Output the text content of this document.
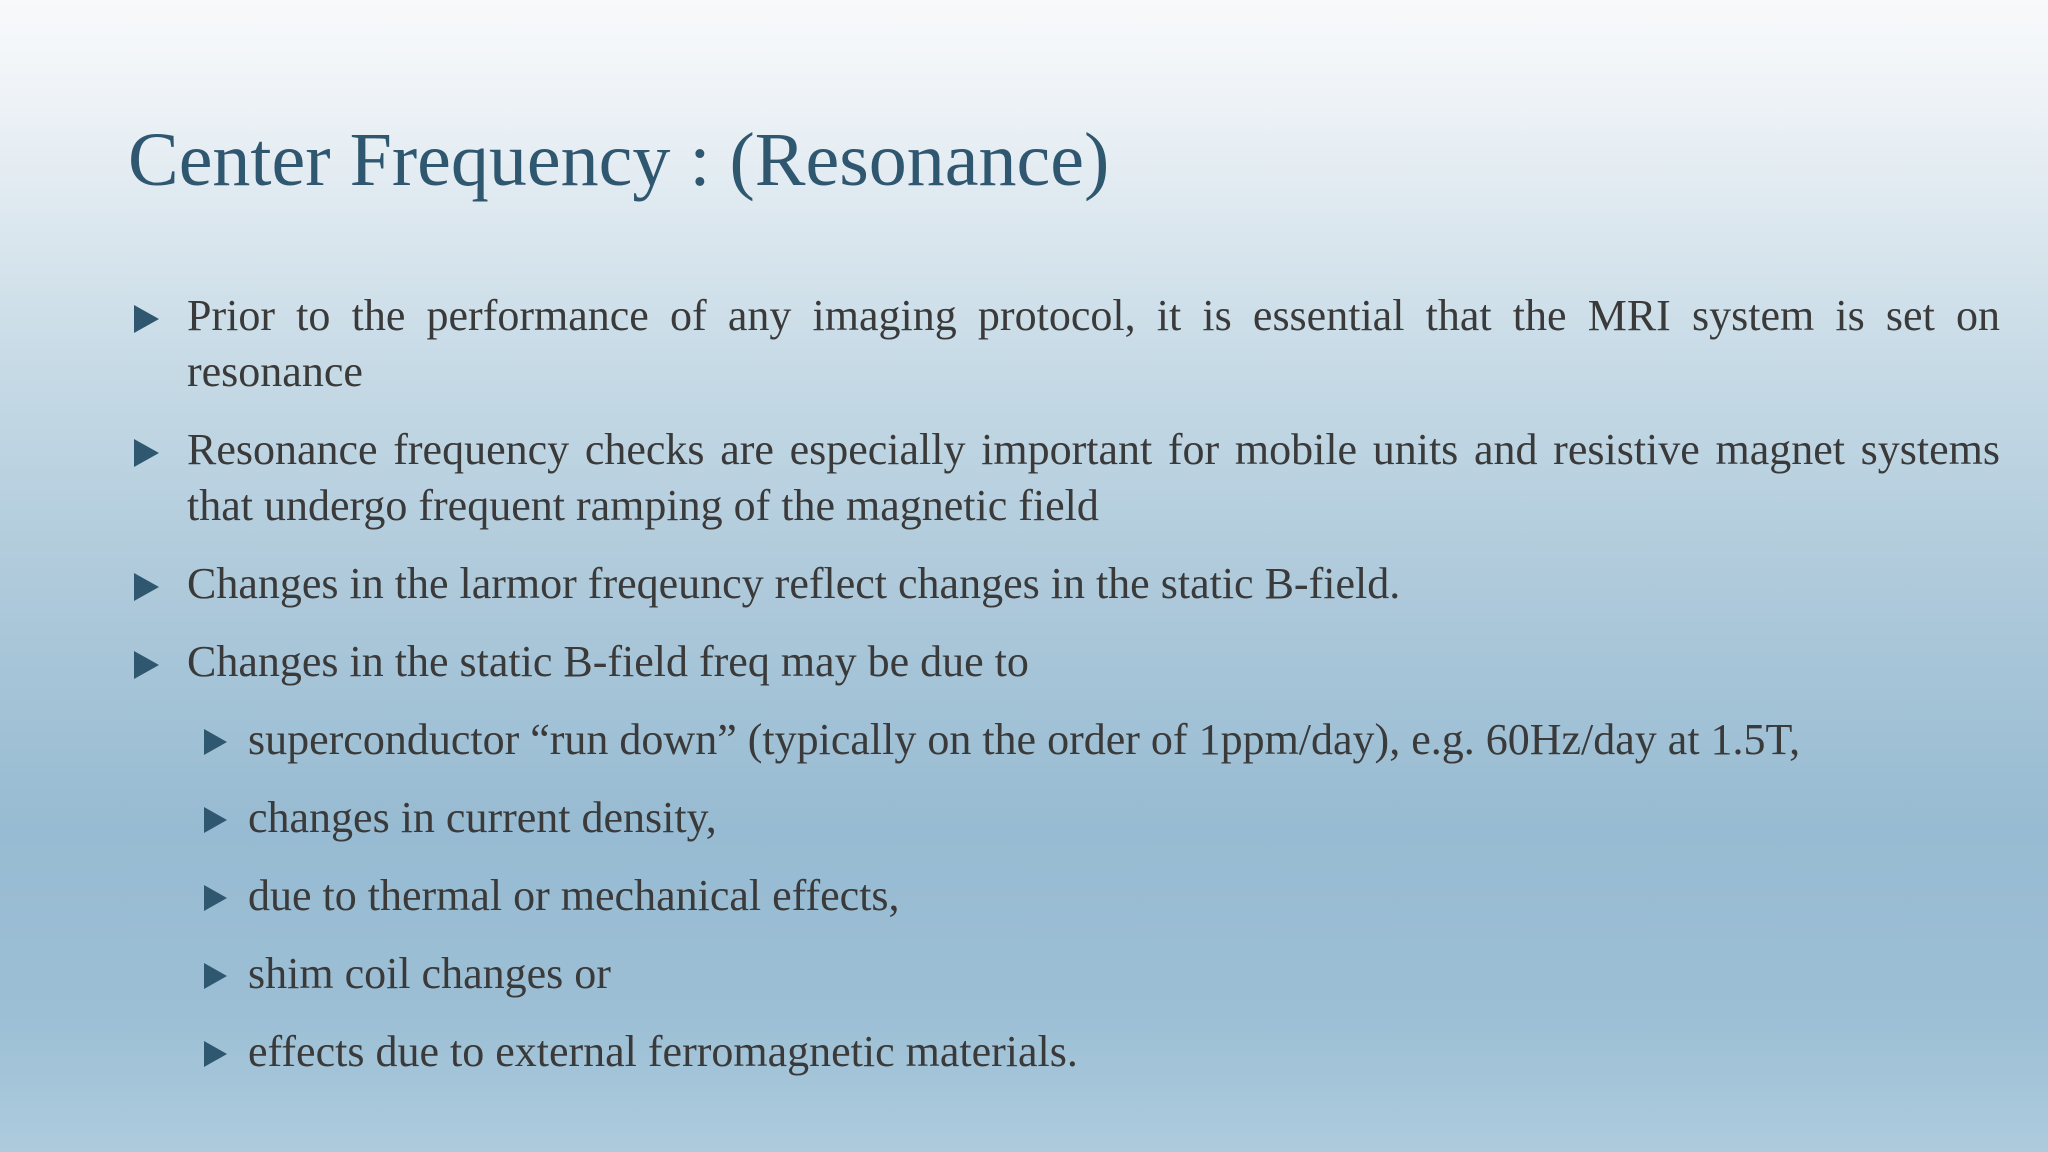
Center Frequency : (Resonance)
Prior to the performance of any imaging protocol, it is essential that the MRI system is set on resonance
Resonance frequency checks are especially important for mobile units and resistive magnet systems that undergo frequent ramping of the magnetic field
Changes in the larmor freqeuncy reflect changes in the static B-field.
Changes in the static B-field freq may be due to
superconductor “run down” (typically on the order of 1ppm/day), e.g. 60Hz/day at 1.5T,
changes in current density,
due to thermal or mechanical effects,
shim coil changes or
effects due to external ferromagnetic materials.
